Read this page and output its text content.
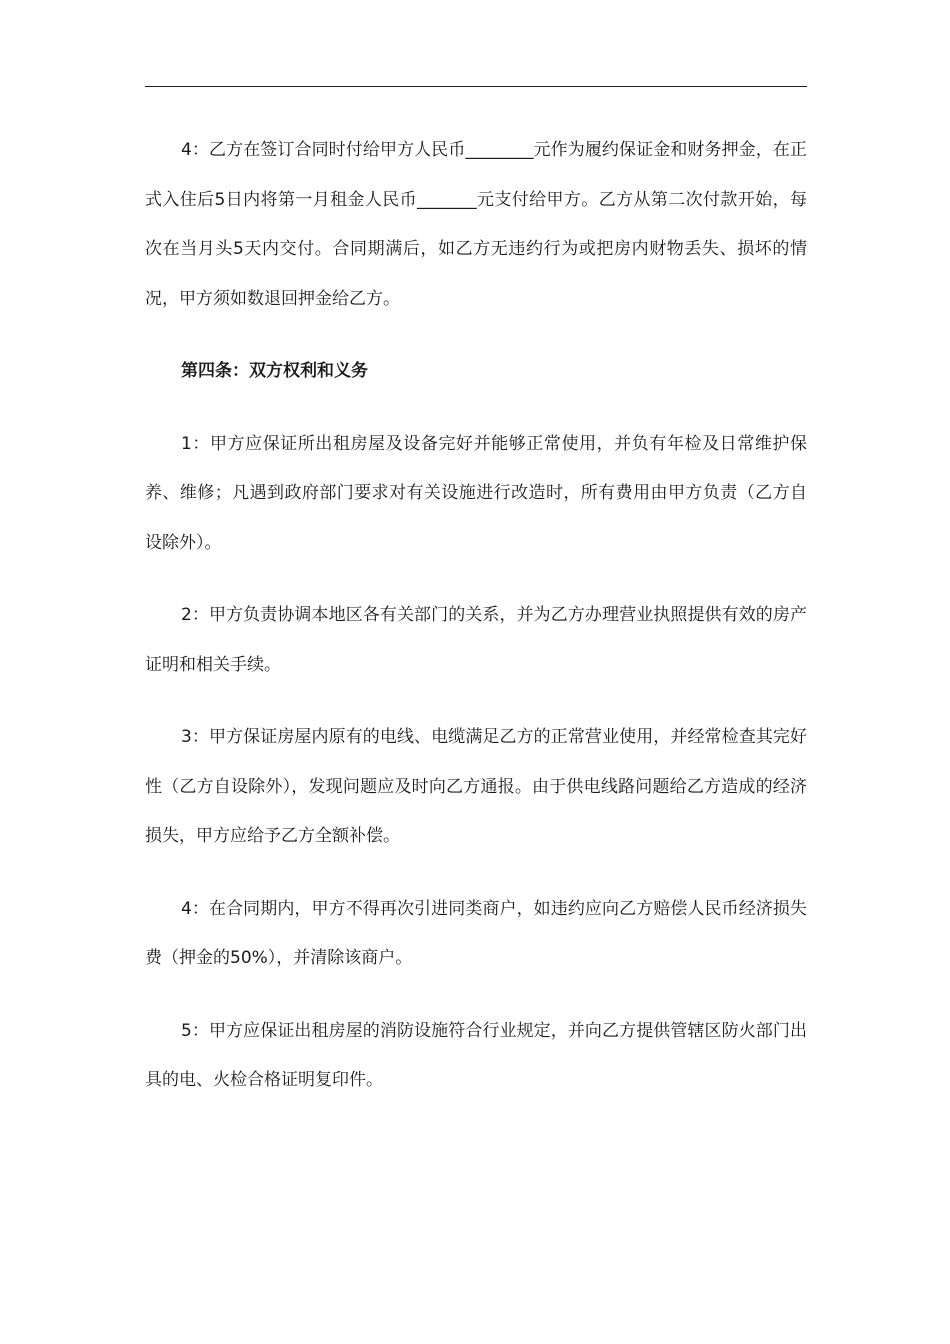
4：乙方在签订合同时付给甲方人民币________元作为履约保证金和财务押金，在正式入住后5日内将第一月租金人民币_______元支付给甲方。乙方从第二次付款开始，每次在当月头5天内交付。合同期满后，如乙方无违约行为或把房内财物丢失、损坏的情况，甲方须如数退回押金给乙方。

第四条：双方权利和义务

1：甲方应保证所出租房屋及设备完好并能够正常使用，并负有年检及日常维护保养、维修；凡遇到政府部门要求对有关设施进行改造时，所有费用由甲方负责（乙方自设除外）。

2：甲方负责协调本地区各有关部门的关系，并为乙方办理营业执照提供有效的房产证明和相关手续。

3：甲方保证房屋内原有的电线、电缆满足乙方的正常营业使用，并经常检查其完好性（乙方自设除外），发现问题应及时向乙方通报。由于供电线路问题给乙方造成的经济损失，甲方应给予乙方全额补偿。

4：在合同期内，甲方不得再次引进同类商户，如违约应向乙方赔偿人民币经济损失费（押金的50%），并清除该商户。

5：甲方应保证出租房屋的消防设施符合行业规定，并向乙方提供管辖区防火部门出具的电、火检合格证明复印件。
